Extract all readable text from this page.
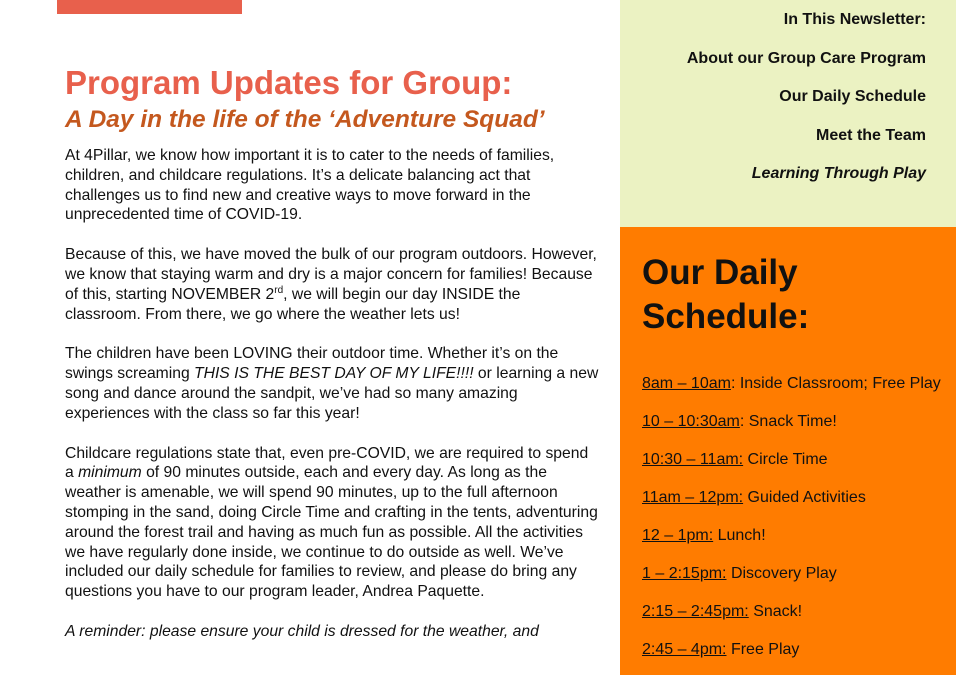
Program Updates for Group:
A Day in the life of the ‘Adventure Squad’

At 4Pillar, we know how important it is to cater to the needs of families, children, and childcare regulations. It’s a delicate balancing act that challenges us to find new and creative ways to move forward in the unprecedented time of COVID-19.

Because of this, we have moved the bulk of our program outdoors. However, we know that staying warm and dry is a major concern for families! Because of this, starting NOVEMBER 2rd, we will begin our day INSIDE the classroom. From there, we go where the weather lets us!

The children have been LOVING their outdoor time. Whether it’s on the swings screaming THIS IS THE BEST DAY OF MY LIFE!!!! or learning a new song and dance around the sandpit, we’ve had so many amazing experiences with the class so far this year!

Childcare regulations state that, even pre-COVID, we are required to spend a minimum of 90 minutes outside, each and every day. As long as the weather is amenable, we will spend 90 minutes, up to the full afternoon stomping in the sand, doing Circle Time and crafting in the tents, adventuring around the forest trail and having as much fun as possible. All the activities we have regularly done inside, we continue to do outside as well. We’ve included our daily schedule for families to review, and please do bring any questions you have to our program leader, Andrea Paquette.

A reminder: please ensure your child is dressed for the weather, and

In This Newsletter:
About our Group Care Program
Our Daily Schedule
Meet the Team
Learning Through Play
Our Daily
Schedule:
8am – 10am: Inside Classroom; Free Play
10 – 10:30am: Snack Time!
10:30 – 11am: Circle Time
11am – 12pm: Guided Activities
12 – 1pm: Lunch!
1 – 2:15pm: Discovery Play
2:15 – 2:45pm: Snack!
2:45 – 4pm: Free Play
